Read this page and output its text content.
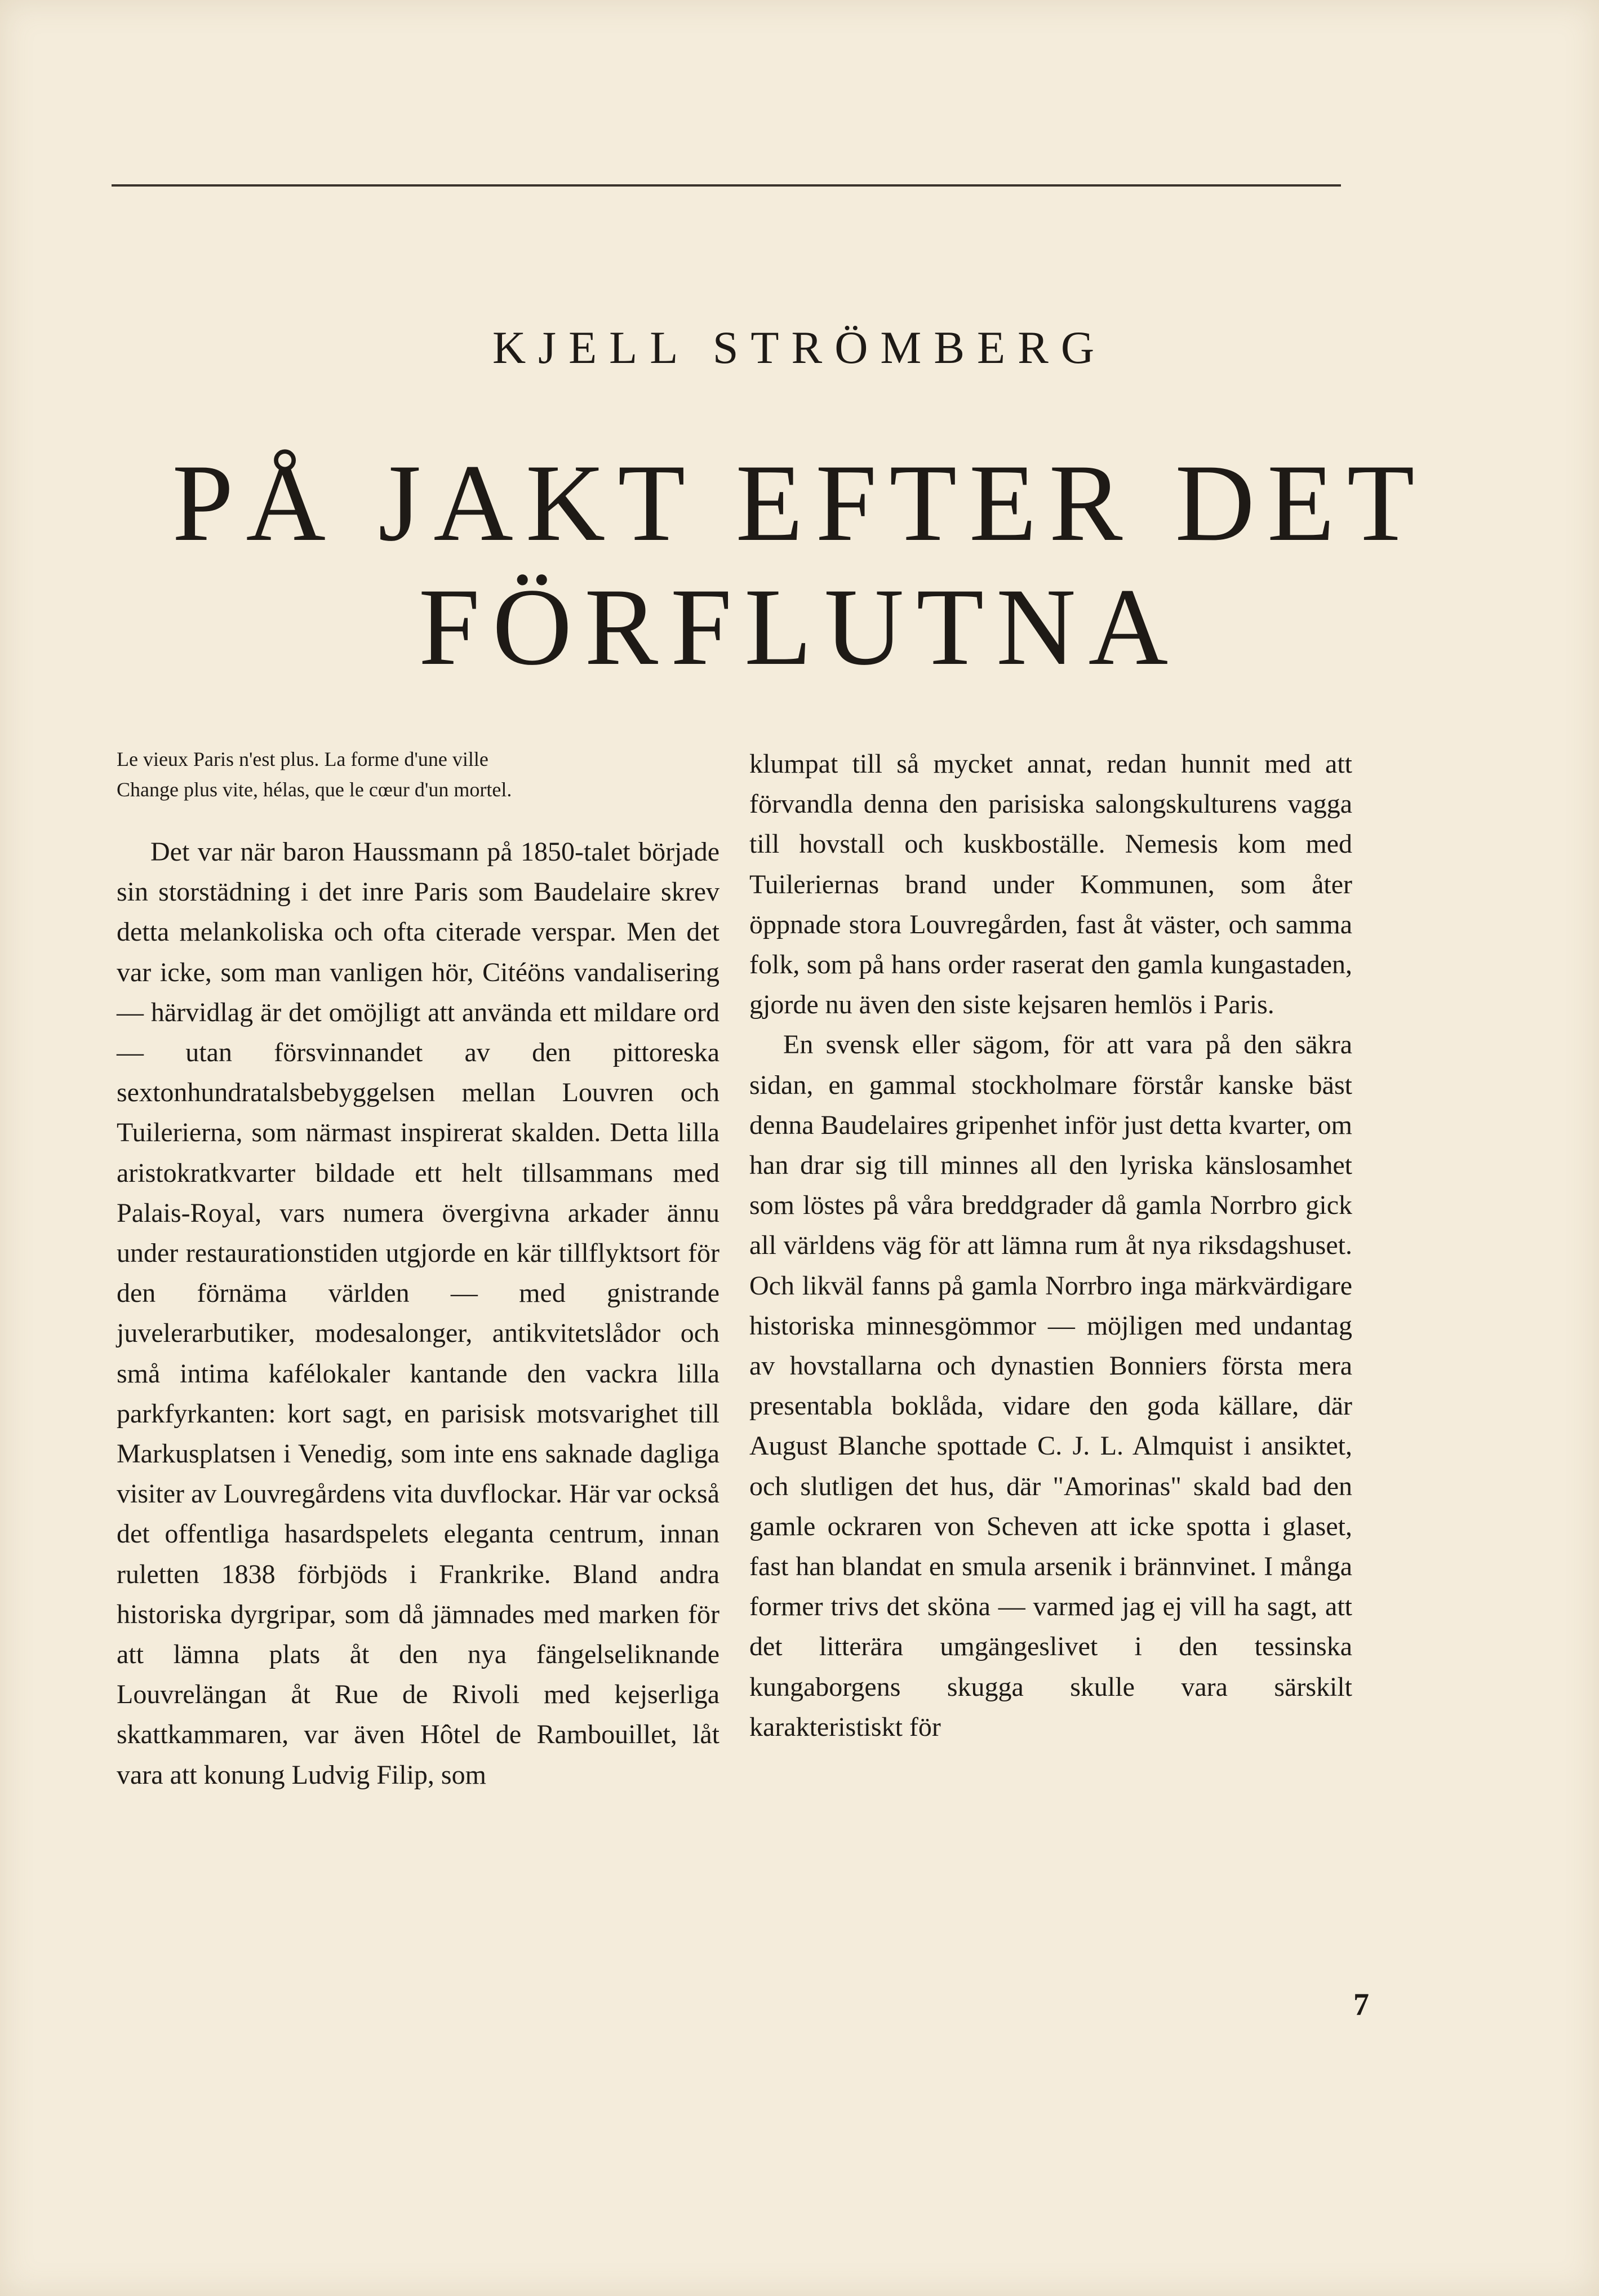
KJELL STRÖMBERG
PÅ JAKT EFTER DET
FÖRFLUTNA
Le vieux Paris n'est plus. La forme d'une ville
Change plus vite, hélas, que le cœur d'un mortel.

Det var när baron Haussmann på 1850-talet började sin storstädning i det inre Paris som Baudelaire skrev detta melankoliska och ofta citerade verspar. Men det var icke, som man vanligen hör, Citéöns vandalisering — härvidlag är det omöjligt att använda ett mildare ord — utan försvinnandet av den pittoreska sextonhundratalsbebyggelsen mellan Louvren och Tuilerierna, som närmast inspirerat skalden. Detta lilla aristokratkvarter bildade ett helt tillsammans med Palais-Royal, vars numera övergivna arkader ännu under restaurationstiden utgjorde en kär tillflyktsort för den förnäma världen — med gnistrande juvelerarbutiker, modesalonger, antikvitetslådor och små intima kafélokaler kantande den vackra lilla parkfyrkanten: kort sagt, en parisisk motsvarighet till Markusplatsen i Venedig, som inte ens saknade dagliga visiter av Louvregårdens vita duvflockar. Här var också det offentliga hasardspelets eleganta centrum, innan ruletten 1838 förbjöds i Frankrike. Bland andra historiska dyrgripar, som då jämnades med marken för att lämna plats åt den nya fängelseliknande Louvrelängan åt Rue de Rivoli med kejserliga skattkammaren, var även Hôtel de Rambouillet, låt vara att konung Ludvig Filip, som

klumpat till så mycket annat, redan hunnit med att förvandla denna den parisiska salongskulturens vagga till hovstall och kuskboställe. Nemesis kom med Tuileriernas brand under Kommunen, som åter öppnade stora Louvregården, fast åt väster, och samma folk, som på hans order raserat den gamla kungastaden, gjorde nu även den siste kejsaren hemlös i Paris.

En svensk eller sägom, för att vara på den säkra sidan, en gammal stockholmare förstår kanske bäst denna Baudelaires gripenhet inför just detta kvarter, om han drar sig till minnes all den lyriska känslosamhet som löstes på våra breddgrader då gamla Norrbro gick all världens väg för att lämna rum åt nya riksdagshuset. Och likväl fanns på gamla Norrbro inga märkvärdigare historiska minnesgömmor — möjligen med undantag av hovstallarna och dynastien Bonniers första mera presentabla boklåda, vidare den goda källare, där August Blanche spottade C. J. L. Almquist i ansiktet, och slutligen det hus, där "Amorinas" skald bad den gamle ockraren von Scheven att icke spotta i glaset, fast han blandat en smula arsenik i brännvinet. I många former trivs det sköna — varmed jag ej vill ha sagt, att det litterära umgängeslivet i den tessinska kungaborgens skugga skulle vara särskilt karakteristiskt för

7
